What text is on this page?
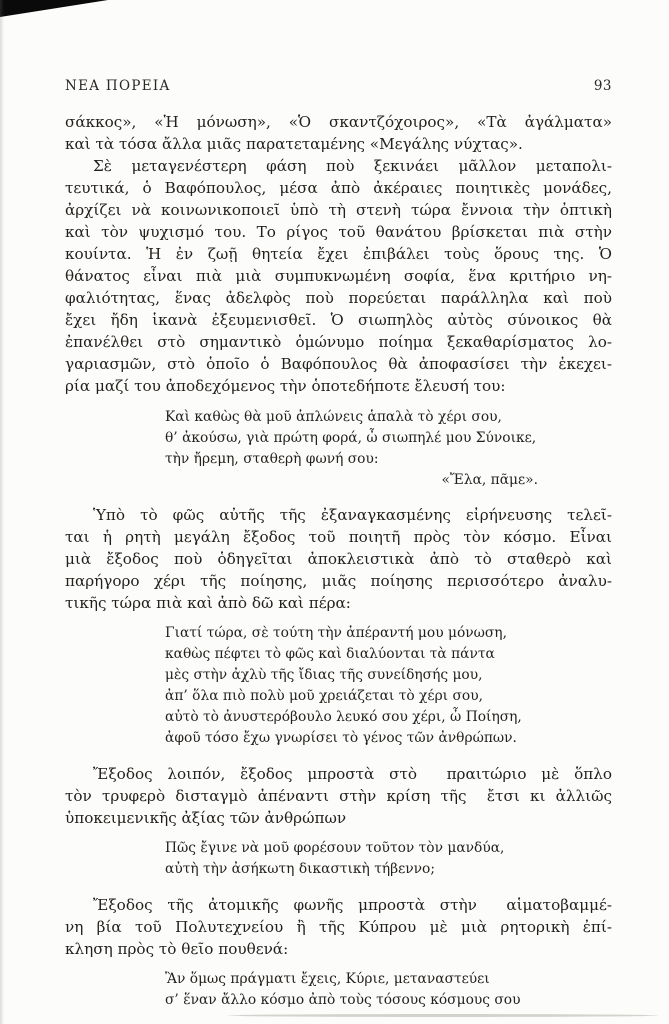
ΝΕΑ ΠΟΡΕΙΑ	93
σάκκος», «Ἡ μόνωση», «Ὁ σκαντζόχοιρος», «Τὰ ἀγάλματα»
καὶ τὰ τόσα ἄλλα μιᾶς παρατεταμένης «Μεγάλης νύχτας».
Σὲ μεταγενέστερη φάση ποὺ ξεκινάει μᾶλλον μεταπολι-
τευτικά, ὁ Βαφόπουλος, μέσα ἀπὸ ἀκέραιες ποιητικὲς μονάδες,
ἀρχίζει νὰ κοινωνικοποιεῖ ὑπὸ τὴ στενὴ τώρα ἔννοια τὴν ὀπτικὴ
καὶ τὸν ψυχισμό του. Το ρίγος τοῦ θανάτου βρίσκεται πιὰ στὴν
κουίντα. Ἡ ἐν ζωῇ θητεία ἔχει ἐπιβάλει τοὺς ὅρους της. Ὁ
θάνατος εἶναι πιὰ μιὰ συμπυκνωμένη σοφία, ἕνα κριτήριο νη-
φαλιότητας, ἕνας ἀδελφὸς ποὺ πορεύεται παράλληλα καὶ ποὺ
ἔχει ἤδη ἱκανὰ ἐξευμενισθεῖ. Ὁ σιωπηλὸς αὐτὸς σύνοικος θὰ
ἐπανέλθει στὸ σημαντικὸ ὁμώνυμο ποίημα ξεκαθαρίσματος λο-
γαριασμῶν, στὸ ὁποῖο ὁ Βαφόπουλος θὰ ἀποφασίσει τὴν ἐκεχει-
ρία μαζί του ἀποδεχόμενος τὴν ὁποτεδήποτε ἔλευσή του:
Καὶ καθὼς θὰ μοῦ ἁπλώνεις ἁπαλὰ τὸ χέρι σου,
θ’ ἀκούσω, γιὰ πρώτη φορά, ὦ σιωπηλέ μου Σύνοικε,
τὴν ἤρεμη, σταθερὴ φωνή σου:
«Ἔλα, πᾶμε».
Ὑπὸ τὸ φῶς αὐτῆς τῆς ἐξαναγκασμένης εἰρήνευσης τελεῖ-
ται ἡ ρητὴ μεγάλη ἔξοδος τοῦ ποιητῆ πρὸς τὸν κόσμο. Εἶναι
μιὰ ἔξοδος ποὺ ὁδηγεῖται ἀποκλειστικὰ ἀπὸ τὸ σταθερὸ καὶ
παρήγορο χέρι τῆς ποίησης, μιᾶς ποίησης περισσότερο ἀναλυ-
τικῆς τώρα πιὰ καὶ ἀπὸ δῶ καὶ πέρα:
Γιατί τώρα, σὲ τούτη τὴν ἀπέραντή μου μόνωση,
καθὼς πέφτει τὸ φῶς καὶ διαλύονται τὰ πάντα
μὲς στὴν ἀχλὺ τῆς ἴδιας τῆς συνείδησής μου,
ἀπ’ ὅλα πιὸ πολὺ μοῦ χρειάζεται τὸ χέρι σου,
αὐτὸ τὸ ἀνυστερόβουλο λευκό σου χέρι, ὦ Ποίηση,
ἀφοῦ τόσο ἔχω γνωρίσει τὸ γένος τῶν ἀνθρώπων.
Ἔξοδος λοιπόν, ἔξοδος μπροστὰ στὸ  πραιτώριο μὲ ὅπλο
τὸν τρυφερὸ δισταγμὸ ἀπέναντι στὴν κρίση τῆς  ἔτσι κι ἀλλιῶς
ὑποκειμενικῆς ἀξίας τῶν ἀνθρώπων
Πῶς ἔγινε νὰ μοῦ φορέσουν τοῦτον τὸν μανδύα,
αὐτὴ τὴν ἀσήκωτη δικαστικὴ τήβεννο;
Ἔξοδος τῆς ἀτομικῆς φωνῆς μπροστὰ στὴν  αἱματοβαμμέ-
νη βία τοῦ Πολυτεχνείου ἢ τῆς Κύπρου μὲ μιὰ ρητορικὴ ἐπί-
κληση πρὸς τὸ θεῖο πουθενά:
Ἂν ὅμως πράγματι ἔχεις, Κύριε, μεταναστεύει
σ’ ἕναν ἄλλο κόσμο ἀπὸ τοὺς τόσους κόσμους σου
